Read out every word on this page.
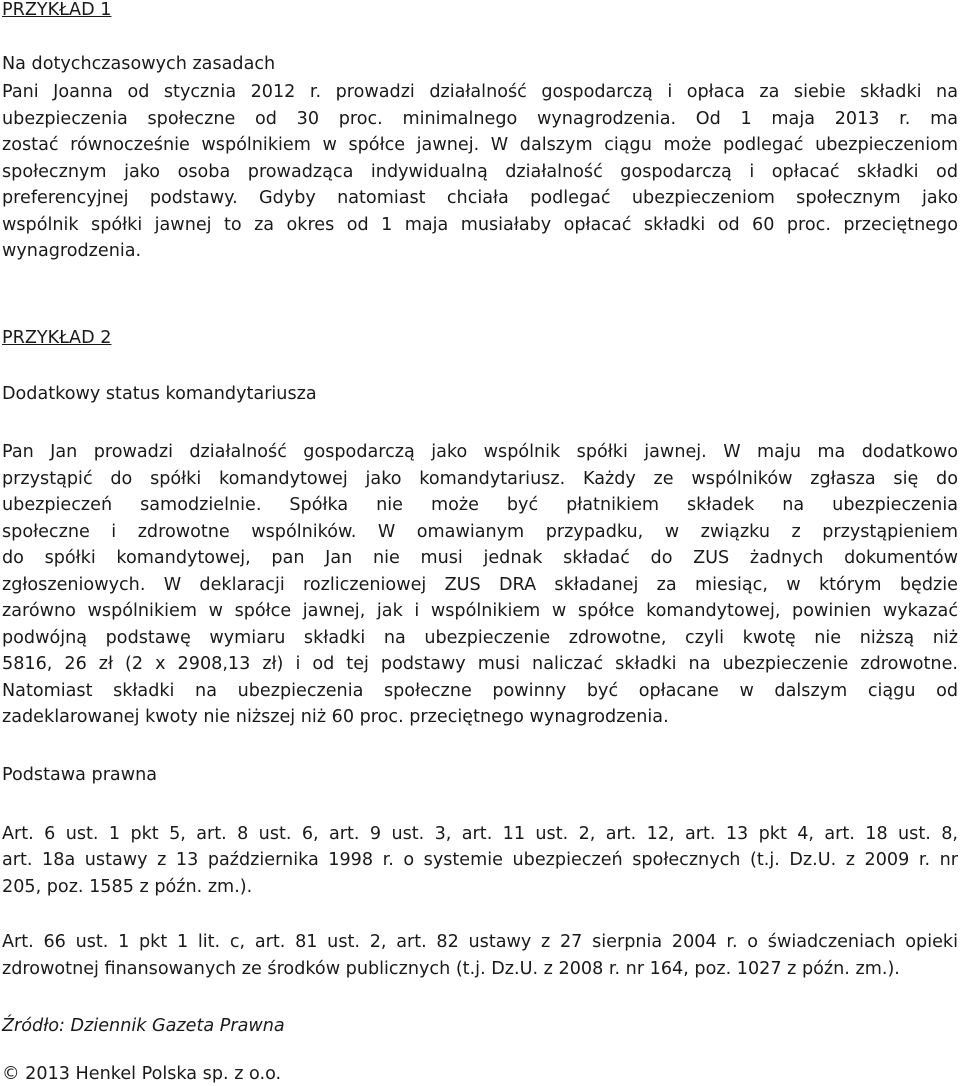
PRZYKŁAD 1
Na dotychczasowych zasadach
Pani Joanna od stycznia 2012 r. prowadzi działalność gospodarczą i opłaca za siebie składki na
ubezpieczenia społeczne od 30 proc. minimalnego wynagrodzenia. Od 1 maja 2013 r. ma
zostać równocześnie wspólnikiem w spółce jawnej. W dalszym ciągu może podlegać ubezpieczeniom
społecznym jako osoba prowadząca indywidualną działalność gospodarczą i opłacać składki od
preferencyjnej podstawy. Gdyby natomiast chciała podlegać ubezpieczeniom społecznym jako
wspólnik spółki jawnej to za okres od 1 maja musiałaby opłacać składki od 60 proc. przeciętnego
wynagrodzenia.
PRZYKŁAD 2
Dodatkowy status komandytariusza
Pan Jan prowadzi działalność gospodarczą jako wspólnik spółki jawnej. W maju ma dodatkowo
przystąpić do spółki komandytowej jako komandytariusz. Każdy ze wspólników zgłasza się do
ubezpieczeń samodzielnie. Spółka nie może być płatnikiem składek na ubezpieczenia
społeczne i zdrowotne wspólników. W omawianym przypadku, w związku z przystąpieniem
do spółki komandytowej, pan Jan nie musi jednak składać do ZUS żadnych dokumentów
zgłoszeniowych. W deklaracji rozliczeniowej ZUS DRA składanej za miesiąc, w którym będzie
zarówno wspólnikiem w spółce jawnej, jak i wspólnikiem w spółce komandytowej, powinien wykazać
podwójną podstawę wymiaru składki na ubezpieczenie zdrowotne, czyli kwotę nie niższą niż
5816, 26 zł (2 x 2908,13 zł) i od tej podstawy musi naliczać składki na ubezpieczenie zdrowotne.
Natomiast składki na ubezpieczenia społeczne powinny być opłacane w dalszym ciągu od
zadeklarowanej kwoty nie niższej niż 60 proc. przeciętnego wynagrodzenia.
Podstawa prawna
Art. 6 ust. 1 pkt 5, art. 8 ust. 6, art. 9 ust. 3, art. 11 ust. 2, art. 12, art. 13 pkt 4, art. 18 ust. 8,
art. 18a ustawy z 13 października 1998 r. o systemie ubezpieczeń społecznych (t.j. Dz.U. z 2009 r. nr
205, poz. 1585 z późn. zm.).
Art. 66 ust. 1 pkt 1 lit. c, art. 81 ust. 2, art. 82 ustawy z 27 sierpnia 2004 r. o świadczeniach opieki
zdrowotnej finansowanych ze środków publicznych (t.j. Dz.U. z 2008 r. nr 164, poz. 1027 z późn. zm.).
Źródło: Dziennik Gazeta Prawna
© 2013 Henkel Polska sp. z o.o.
